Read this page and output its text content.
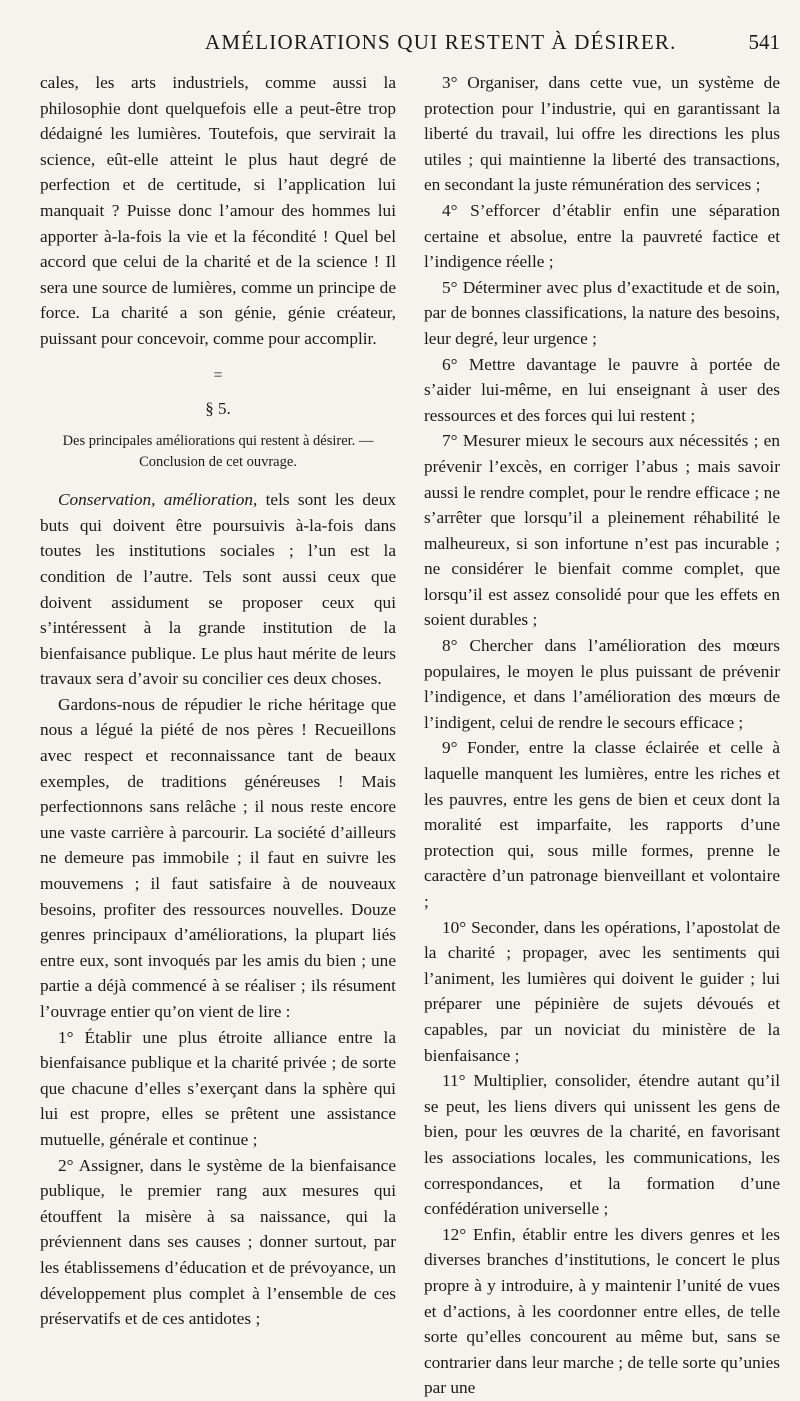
AMÉLIORATIONS QUI RESTENT À DÉSIRER.	541

cales, les arts industriels, comme aussi la philosophie dont quelquefois elle a peut-être trop dédaigné les lumières. Toutefois, que servirait la science, eût-elle atteint le plus haut degré de perfection et de certitude, si l’application lui manquait ? Puisse donc l’amour des hommes lui apporter à-la-fois la vie et la fécondité ! Quel bel accord que celui de la charité et de la science ! Il sera une source de lumières, comme un principe de force. La charité a son génie, génie créateur, puissant pour concevoir, comme pour accomplir.

=
§ 5.

Des principales améliorations qui restent à désirer. — Conclusion de cet ouvrage.

Conservation, amélioration, tels sont les deux buts qui doivent être poursuivis à-la-fois dans toutes les institutions sociales ; l’un est la condition de l’autre. Tels sont aussi ceux que doivent assidument se proposer ceux qui s’intéressent à la grande institution de la bienfaisance publique. Le plus haut mérite de leurs travaux sera d’avoir su concilier ces deux choses.

Gardons-nous de répudier le riche héritage que nous a légué la piété de nos pères ! Recueillons avec respect et reconnaissance tant de beaux exemples, de traditions généreuses ! Mais perfectionnons sans relâche ; il nous reste encore une vaste carrière à parcourir. La société d’ailleurs ne demeure pas immobile ; il faut en suivre les mouvemens ; il faut satisfaire à de nouveaux besoins, profiter des ressources nouvelles. Douze genres principaux d’améliorations, la plupart liés entre eux, sont invoqués par les amis du bien ; une partie a déjà commencé à se réaliser ; ils résument l’ouvrage entier qu’on vient de lire :

1° Établir une plus étroite alliance entre la bienfaisance publique et la charité privée ; de sorte que chacune d’elles s’exerçant dans la sphère qui lui est propre, elles se prêtent une assistance mutuelle, générale et continue ;

2° Assigner, dans le système de la bienfaisance publique, le premier rang aux mesures qui étouffent la misère à sa naissance, qui la préviennent dans ses causes ; donner surtout, par les établissemens d’éducation et de prévoyance, un développement plus complet à l’ensemble de ces préservatifs et de ces antidotes ;

3° Organiser, dans cette vue, un système de protection pour l’industrie, qui en garantissant la liberté du travail, lui offre les directions les plus utiles ; qui maintienne la liberté des transactions, en secondant la juste rémunération des services ;

4° S’efforcer d’établir enfin une séparation certaine et absolue, entre la pauvreté factice et l’indigence réelle ;

5° Déterminer avec plus d’exactitude et de soin, par de bonnes classifications, la nature des besoins, leur degré, leur urgence ;

6° Mettre davantage le pauvre à portée de s’aider lui-même, en lui enseignant à user des ressources et des forces qui lui restent ;

7° Mesurer mieux le secours aux nécessités ; en prévenir l’excès, en corriger l’abus ; mais savoir aussi le rendre complet, pour le rendre efficace ; ne s’arrêter que lorsqu’il a pleinement réhabilité le malheureux, si son infortune n’est pas incurable ; ne considérer le bienfait comme complet, que lorsqu’il est assez consolidé pour que les effets en soient durables ;

8° Chercher dans l’amélioration des mœurs populaires, le moyen le plus puissant de prévenir l’indigence, et dans l’amélioration des mœurs de l’indigent, celui de rendre le secours efficace ;

9° Fonder, entre la classe éclairée et celle à laquelle manquent les lumières, entre les riches et les pauvres, entre les gens de bien et ceux dont la moralité est imparfaite, les rapports d’une protection qui, sous mille formes, prenne le caractère d’un patronage bienveillant et volontaire ;

10° Seconder, dans les opérations, l’apostolat de la charité ; propager, avec les sentiments qui l’animent, les lumières qui doivent le guider ; lui préparer une pépinière de sujets dévoués et capables, par un noviciat du ministère de la bienfaisance ;

11° Multiplier, consolider, étendre autant qu’il se peut, les liens divers qui unissent les gens de bien, pour les œuvres de la charité, en favorisant les associations locales, les communications, les correspondances, et la formation d’une confédération universelle ;

12° Enfin, établir entre les divers genres et les diverses branches d’institutions, le concert le plus propre à y introduire, à y maintenir l’unité de vues et d’actions, à les coordonner entre elles, de telle sorte qu’elles concourent au même but, sans se contrarier dans leur marche ; de telle sorte qu’unies par une
